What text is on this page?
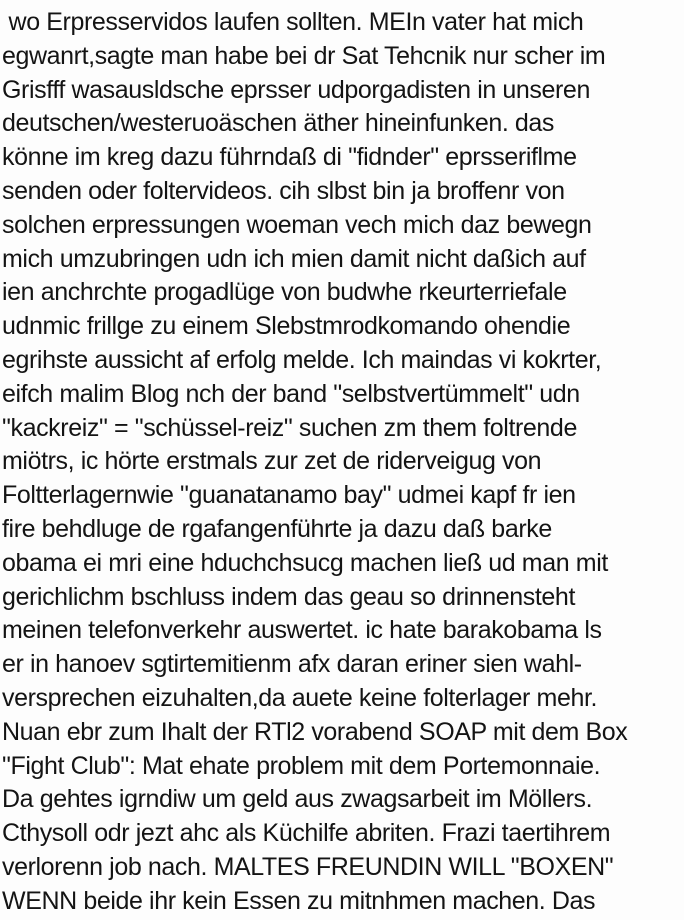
wo Erpresservidos laufen sollten. MEIn vater hat mich
egwanrt,sagte man habe bei dr Sat Tehcnik nur scher im
Grisfff wasausldsche eprsser udporgadisten in unseren
deutschen/westeruoäschen äther hineinfunken. das
könne im kreg dazu führndaß di "fidnder" eprsseriflme
senden oder foltervideos. cih slbst bin ja broffenr von
solchen erpressungen woeman vech mich daz bewegn
mich umzubringen udn ich mien damit nicht daßich auf
ien anchrchte progadlüge von budwhe rkeurterriefale
udnmic frillge zu einem Slebstmrodkomando ohendie
egrihste aussicht af erfolg melde. Ich maindas vi kokrter,
eifch malim Blog nch der band "selbstvertümmelt" udn
"kackreiz" = "schüssel-reiz" suchen zm them foltrende
miötrs, ic hörte erstmals zur zet de riderveigug von
Foltterlagernwie "guanatanamo bay" udmei kapf fr ien
fire behdluge de rgafangenführte ja dazu daß barke
obama ei mri eine hduchchsucg machen ließ ud man mit
gerichlichm bschluss indem das geau so drinnensteht
meinen telefonverkehr auswertet. ic hate barakobama ls
er in hanoev sgtirtemitienm afx daran eriner sien wahl-
versprechen eizuhalten,da auete keine folterlager mehr.
Nuan ebr zum Ihalt der RTl2 vorabend SOAP mit dem Box
"Fight Club": Mat ehate problem mit dem Portemonnaie.
Da gehtes igrndiw um geld aus zwagsarbeit im Möllers.
Cthysoll odr jezt ahc als Küchilfe abriten. Frazi taertihrem
verlorenn job nach. MALTES FREUNDIN WILL "BOXEN"
WENN beide ihr kein Essen zu mitnhmen machen. Das
